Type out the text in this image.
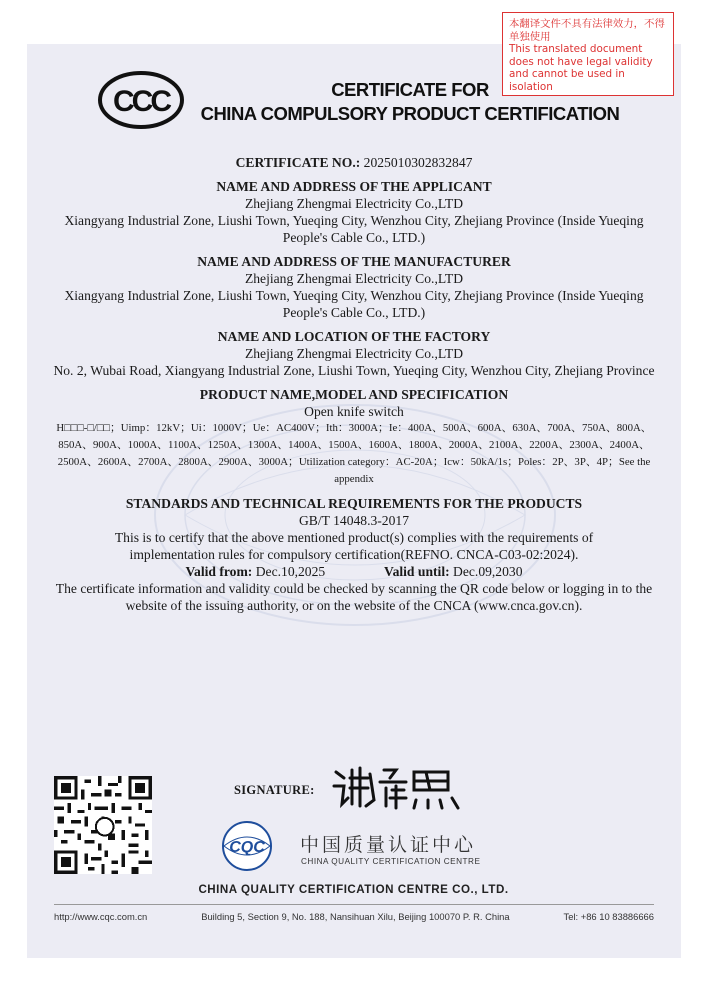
本翻译文件不具有法律效力，不得单独使用
This translated document does not have legal validity and cannot be used in isolation
CCC	CERTIFICATE FOR
CHINA COMPULSORY PRODUCT CERTIFICATION
CERTIFICATE NO.: 2025010302832847
NAME AND ADDRESS OF THE APPLICANT
Zhejiang Zhengmai Electricity Co.,LTD
Xiangyang Industrial Zone, Liushi Town, Yueqing City, Wenzhou City, Zhejiang Province (Inside Yueqing People's Cable Co., LTD.)
NAME AND ADDRESS OF THE MANUFACTURER
Zhejiang Zhengmai Electricity Co.,LTD
Xiangyang Industrial Zone, Liushi Town, Yueqing City, Wenzhou City, Zhejiang Province (Inside Yueqing People's Cable Co., LTD.)
NAME AND LOCATION OF THE FACTORY
Zhejiang Zhengmai Electricity Co.,LTD
No. 2, Wubai Road, Xiangyang Industrial Zone, Liushi Town, Yueqing City, Wenzhou City, Zhejiang Province
PRODUCT NAME,MODEL AND SPECIFICATION
Open knife switch
H□□□-□/□□；Uimp：12kV；Ui：1000V；Ue：AC400V；Ith：3000A；Ie：400A、500A、600A、630A、700A、750A、800A、850A、900A、1000A、1100A、1250A、1300A、1400A、1500A、1600A、1800A、2000A、2100A、2200A、2300A、2400A、2500A、2600A、2700A、2800A、2900A、3000A；Utilization category：AC-20A；Icw：50kA/1s；Poles：2P、3P、4P；See the appendix
STANDARDS AND TECHNICAL REQUIREMENTS FOR THE PRODUCTS
GB/T 14048.3-2017
This is to certify that the above mentioned product(s) complies with the requirements of implementation rules for compulsory certification(REFNO. CNCA-C03-02:2024).
Valid from: Dec.10,2025	Valid until: Dec.09,2030
The certificate information and validity could be checked by scanning the QR code below or logging in to the website of the issuing authority, or on the website of the CNCA (www.cnca.gov.cn).
SIGNATURE:
CQC 中国质量认证中心
CHINA QUALITY CERTIFICATION CENTRE
CHINA QUALITY CERTIFICATION CENTRE CO., LTD.
http://www.cqc.com.cn	Building 5, Section 9, No. 188, Nansihuan Xilu, Beijing 100070 P. R. China	Tel: +86 10 83886666
